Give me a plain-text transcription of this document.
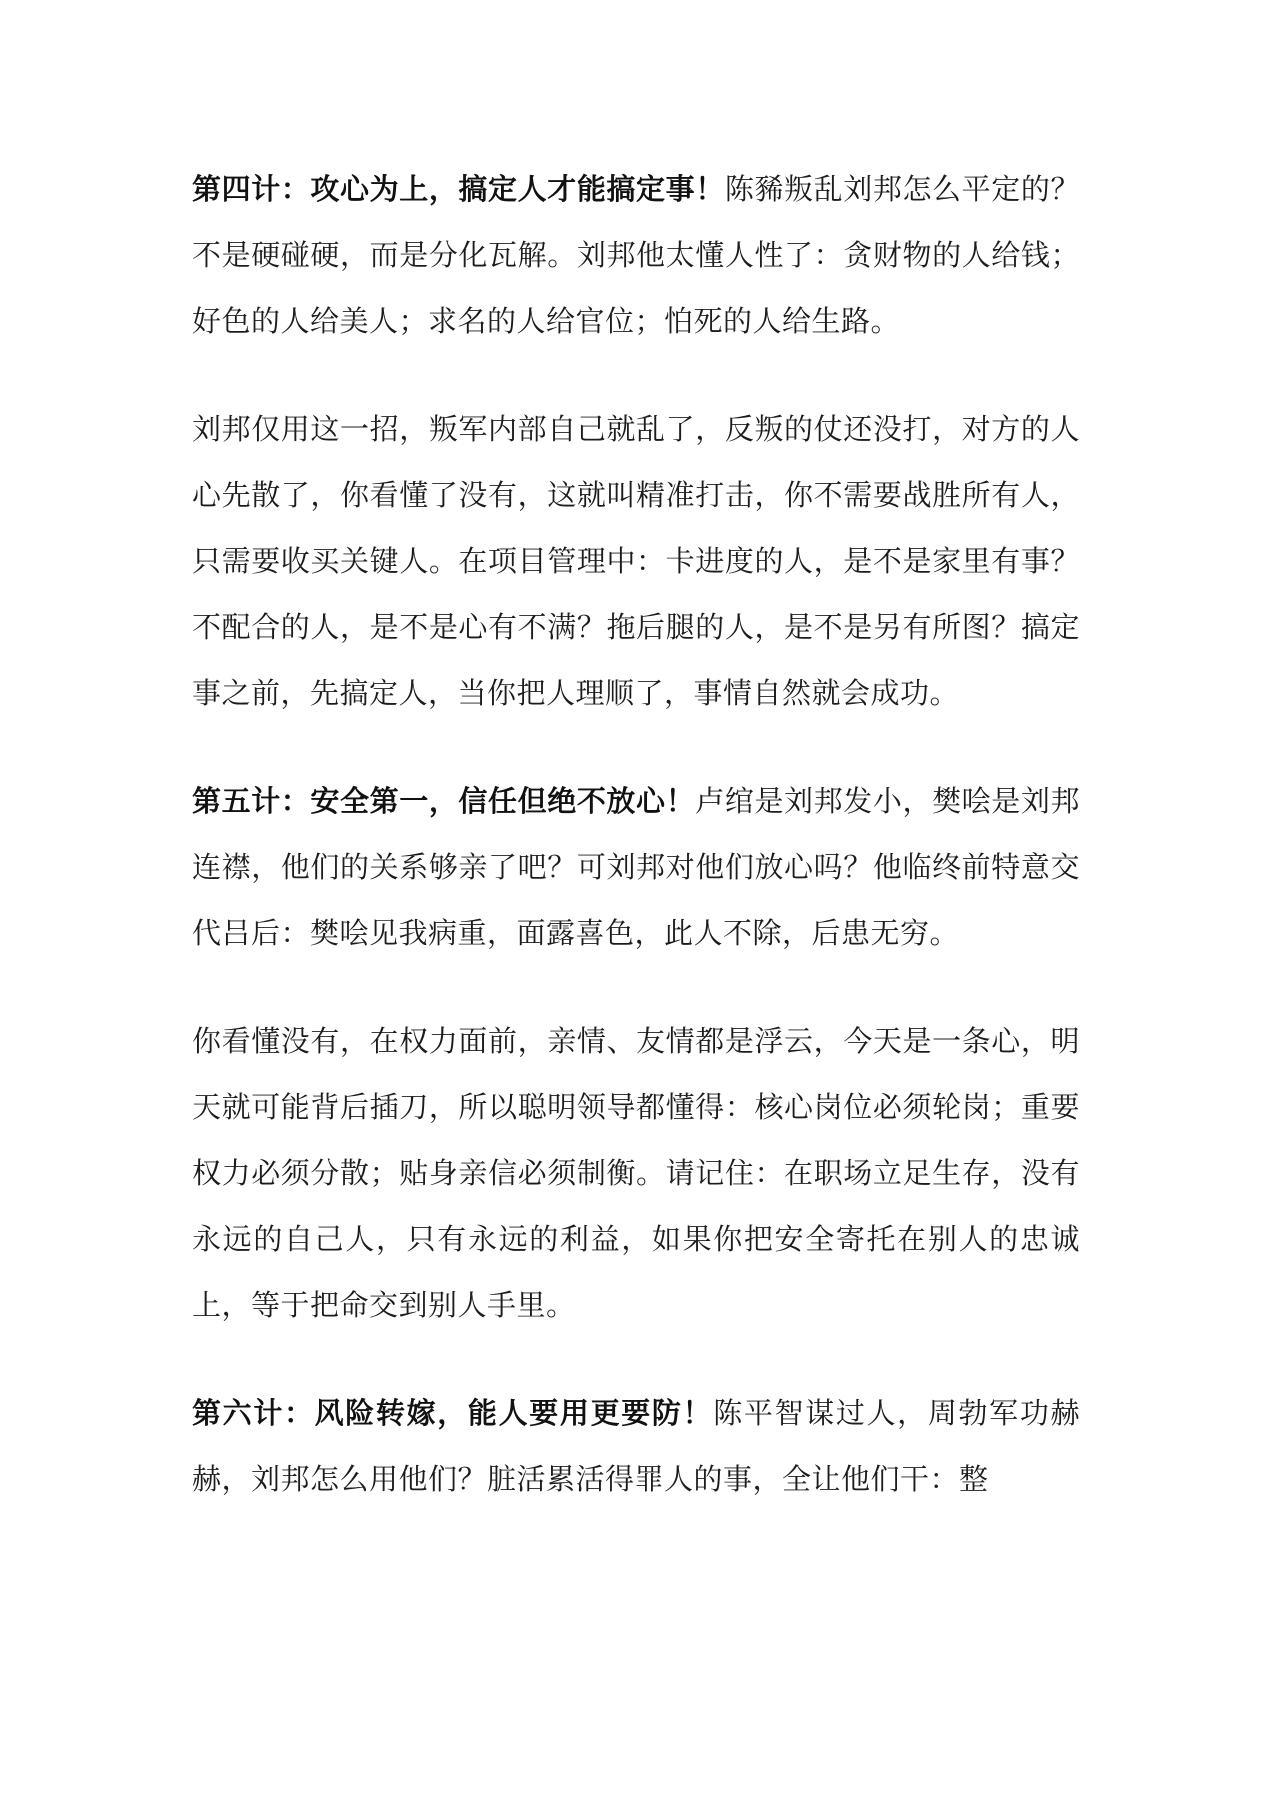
第四计：攻心为上，搞定人才能搞定事！陈豨叛乱刘邦怎么平定的？不是硬碰硬，而是分化瓦解。刘邦他太懂人性了：贪财物的人给钱；好色的人给美人；求名的人给官位；怕死的人给生路。

刘邦仅用这一招，叛军内部自己就乱了，反叛的仗还没打，对方的人心先散了，你看懂了没有，这就叫精准打击，你不需要战胜所有人，只需要收买关键人。在项目管理中：卡进度的人，是不是家里有事？不配合的人，是不是心有不满？拖后腿的人，是不是另有所图？搞定事之前，先搞定人，当你把人理顺了，事情自然就会成功。

第五计：安全第一，信任但绝不放心！卢绾是刘邦发小，樊哙是刘邦连襟，他们的关系够亲了吧？可刘邦对他们放心吗？他临终前特意交代吕后：樊哙见我病重，面露喜色，此人不除，后患无穷。

你看懂没有，在权力面前，亲情、友情都是浮云，今天是一条心，明天就可能背后插刀，所以聪明领导都懂得：核心岗位必须轮岗；重要权力必须分散；贴身亲信必须制衡。请记住：在职场立足生存，没有永远的自己人，只有永远的利益，如果你把安全寄托在别人的忠诚上，等于把命交到别人手里。

第六计：风险转嫁，能人要用更要防！陈平智谋过人，周勃军功赫赫，刘邦怎么用他们？脏活累活得罪人的事，全让他们干：整
